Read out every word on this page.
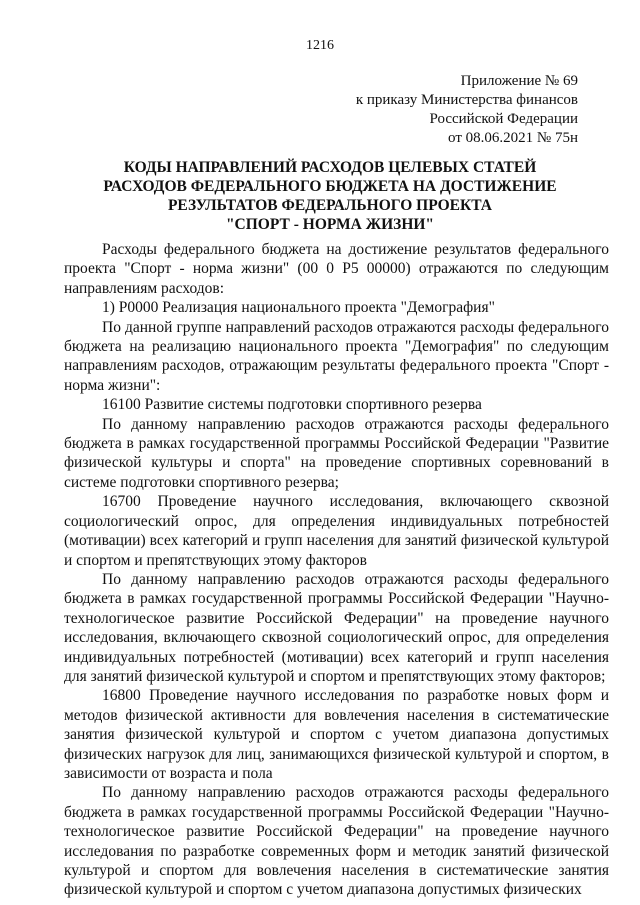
1216
Приложение № 69
к приказу Министерства финансов
Российской Федерации
от 08.06.2021 № 75н
КОДЫ НАПРАВЛЕНИЙ РАСХОДОВ ЦЕЛЕВЫХ СТАТЕЙ
РАСХОДОВ ФЕДЕРАЛЬНОГО БЮДЖЕТА НА ДОСТИЖЕНИЕ
РЕЗУЛЬТАТОВ ФЕДЕРАЛЬНОГО ПРОЕКТА
"СПОРТ - НОРМА ЖИЗНИ"

Расходы федерального бюджета на достижение результатов федерального проекта "Спорт - норма жизни" (00 0 Р5 00000) отражаются по следующим направлениям расходов:

1) Р0000 Реализация национального проекта "Демография"

По данной группе направлений расходов отражаются расходы федерального бюджета на реализацию национального проекта "Демография" по следующим направлениям расходов, отражающим результаты федерального проекта "Спорт - норма жизни":

16100 Развитие системы подготовки спортивного резерва

По данному направлению расходов отражаются расходы федерального бюджета в рамках государственной программы Российской Федерации "Развитие физической культуры и спорта" на проведение спортивных соревнований в системе подготовки спортивного резерва;

16700 Проведение научного исследования, включающего сквозной социологический опрос, для определения индивидуальных потребностей (мотивации) всех категорий и групп населения для занятий физической культурой и спортом и препятствующих этому факторов

По данному направлению расходов отражаются расходы федерального бюджета в рамках государственной программы Российской Федерации "Научно-технологическое развитие Российской Федерации" на проведение научного исследования, включающего сквозной социологический опрос, для определения индивидуальных потребностей (мотивации) всех категорий и групп населения для занятий физической культурой и спортом и препятствующих этому факторов;

16800 Проведение научного исследования по разработке новых форм и методов физической активности для вовлечения населения в систематические занятия физической культурой и спортом с учетом диапазона допустимых физических нагрузок для лиц, занимающихся физической культурой и спортом, в зависимости от возраста и пола

По данному направлению расходов отражаются расходы федерального бюджета в рамках государственной программы Российской Федерации "Научно-технологическое развитие Российской Федерации" на проведение научного исследования по разработке современных форм и методик занятий физической культурой и спортом для вовлечения населения в систематические занятия физической культурой и спортом с учетом диапазона допустимых физических
